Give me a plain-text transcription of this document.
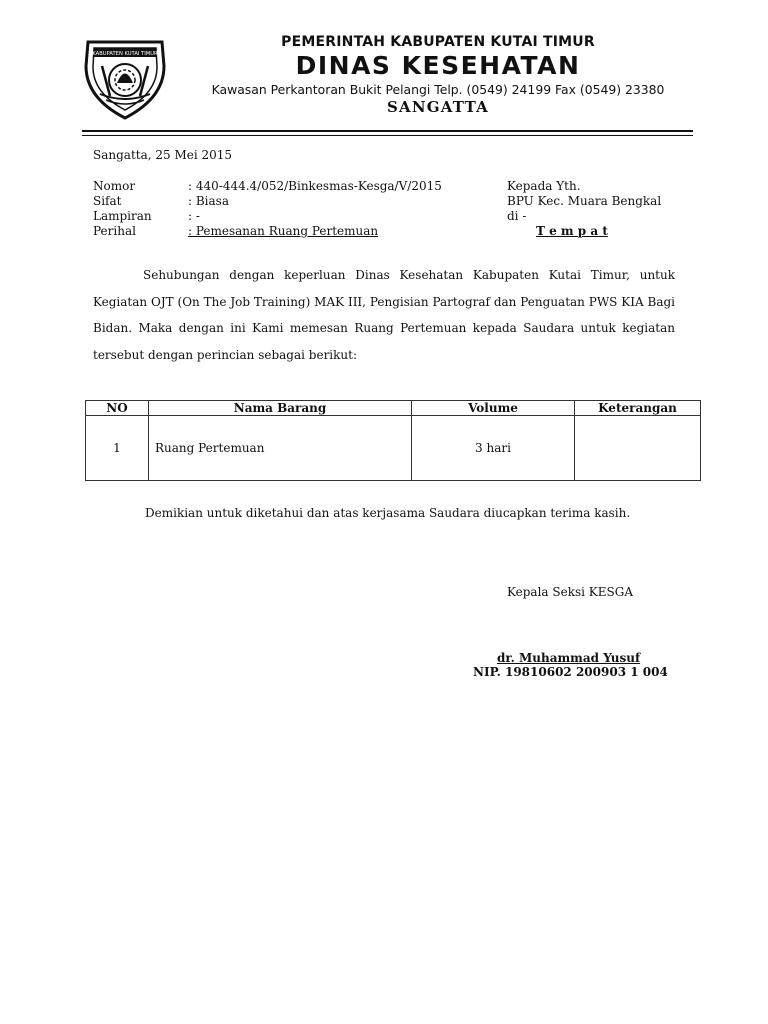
KABUPATEN KUTAI TIMUR
PEMERINTAH KABUPATEN KUTAI TIMUR
DINAS KESEHATAN
Kawasan Perkantoran Bukit Pelangi Telp. (0549) 24199 Fax (0549) 23380
SANGATTA
Sangatta, 25 Mei 2015
Nomor	: 440-444.4/052/Binkesmas-Kesga/V/2015
Sifat	: Biasa
Lampiran	: -
Perihal	: Pemesanan Ruang Pertemuan
Kepada Yth.
BPU Kec. Muara Bengkal
di -
T e m p a t
Sehubungan dengan keperluan Dinas Kesehatan Kabupaten Kutai Timur, untuk Kegiatan OJT (On The Job Training) MAK III, Pengisian Partograf dan Penguatan PWS KIA Bagi Bidan. Maka dengan ini Kami memesan Ruang Pertemuan kepada Saudara untuk kegiatan tersebut dengan perincian sebagai berikut:
NO	Nama Barang	Volume	Keterangan
1	Ruang Pertemuan	3 hari	
Demikian untuk diketahui dan atas kerjasama Saudara diucapkan terima kasih.
Kepala Seksi KESGA
dr. Muhammad Yusuf
NIP. 19810602 200903 1 004
